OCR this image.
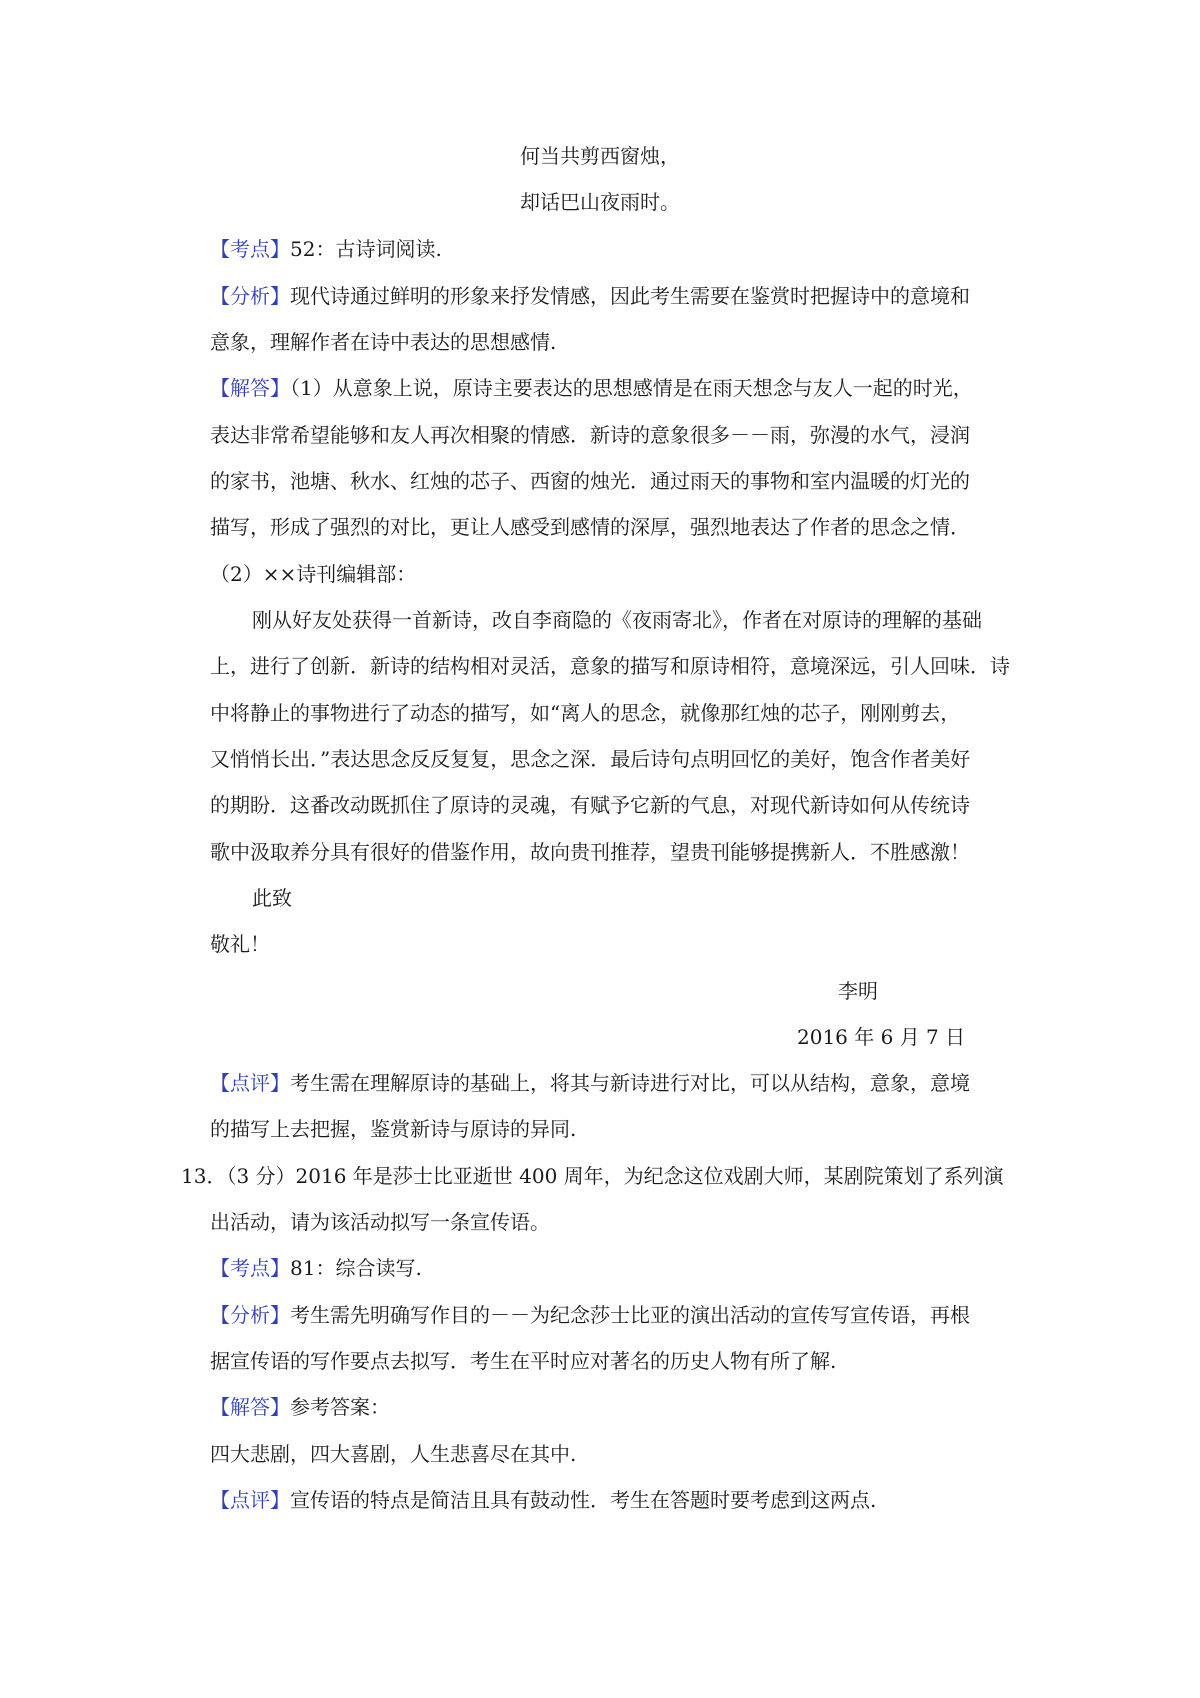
何当共剪西窗烛，
却话巴山夜雨时。
【考点】52：古诗词阅读.
【分析】现代诗通过鲜明的形象来抒发情感，因此考生需要在鉴赏时把握诗中的意境和
意象，理解作者在诗中表达的思想感情.
【解答】（1）从意象上说，原诗主要表达的思想感情是在雨天想念与友人一起的时光，
表达非常希望能够和友人再次相聚的情感．新诗的意象很多－－雨，弥漫的水气，浸润
的家书，池塘、秋水、红烛的芯子、西窗的烛光．通过雨天的事物和室内温暖的灯光的
描写，形成了强烈的对比，更让人感受到感情的深厚，强烈地表达了作者的思念之情．
（2）××诗刊编辑部：
刚从好友处获得一首新诗，改自李商隐的《夜雨寄北》，作者在对原诗的理解的基础
上，进行了创新．新诗的结构相对灵活，意象的描写和原诗相符，意境深远，引人回味．诗
中将静止的事物进行了动态的描写，如“离人的思念，就像那红烛的芯子，刚刚剪去，
又悄悄长出．”表达思念反反复复，思念之深．最后诗句点明回忆的美好，饱含作者美好
的期盼．这番改动既抓住了原诗的灵魂，有赋予它新的气息，对现代新诗如何从传统诗
歌中汲取养分具有很好的借鉴作用，故向贵刊推荐，望贵刊能够提携新人．不胜感激！
此致
敬礼！
李明
2016 年 6 月 7 日
【点评】考生需在理解原诗的基础上，将其与新诗进行对比，可以从结构，意象，意境
的描写上去把握，鉴赏新诗与原诗的异同.
13．（3 分）2016 年是莎士比亚逝世 400 周年，为纪念这位戏剧大师，某剧院策划了系列演
出活动，请为该活动拟写一条宣传语。
【考点】81：综合读写.
【分析】考生需先明确写作目的－－为纪念莎士比亚的演出活动的宣传写宣传语，再根
据宣传语的写作要点去拟写．考生在平时应对著名的历史人物有所了解.
【解答】参考答案：
四大悲剧，四大喜剧，人生悲喜尽在其中.
【点评】宣传语的特点是简洁且具有鼓动性．考生在答题时要考虑到这两点.
